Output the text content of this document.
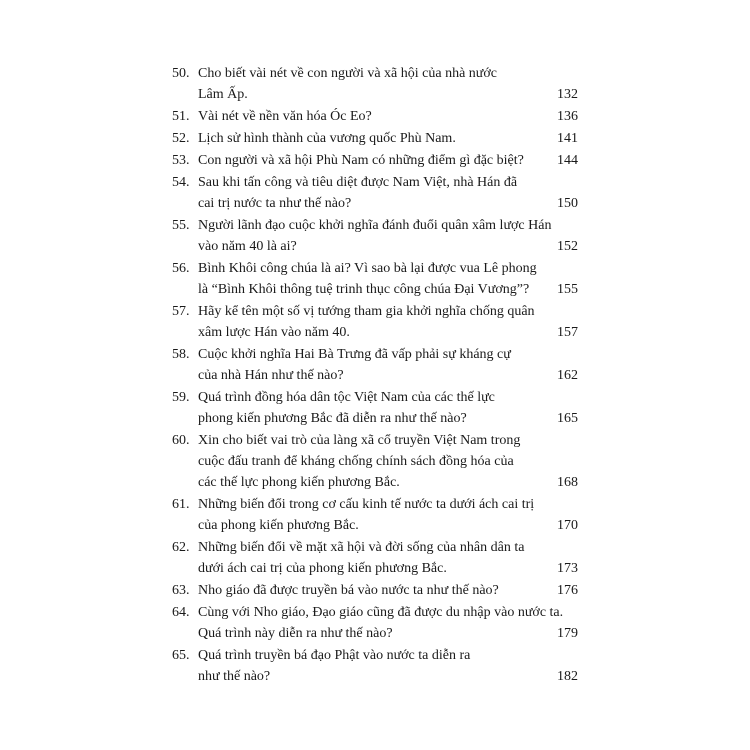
50. Cho biết vài nét về con người và xã hội của nhà nước
Lâm Ấp.	132
51. Vài nét về nền văn hóa Óc Eo?	136
52. Lịch sử hình thành của vương quốc Phù Nam.	141
53. Con người và xã hội Phù Nam có những điểm gì đặc biệt?	144
54. Sau khi tấn công và tiêu diệt được Nam Việt, nhà Hán đã
cai trị nước ta như thế nào?	150
55. Người lãnh đạo cuộc khởi nghĩa đánh đuổi quân xâm lược Hán
vào năm 40 là ai?	152
56. Bình Khôi công chúa là ai? Vì sao bà lại được vua Lê phong
là “Bình Khôi thông tuệ trinh thục công chúa Đại Vương”?	155
57. Hãy kể tên một số vị tướng tham gia khởi nghĩa chống quân
xâm lược Hán vào năm 40.	157
58. Cuộc khởi nghĩa Hai Bà Trưng đã vấp phải sự kháng cự
của nhà Hán như thế nào?	162
59. Quá trình đồng hóa dân tộc Việt Nam của các thế lực
phong kiến phương Bắc đã diễn ra như thế nào?	165
60. Xin cho biết vai trò của làng xã cổ truyền Việt Nam trong
cuộc đấu tranh để kháng chống chính sách đồng hóa của
các thế lực phong kiến phương Bắc.	168
61. Những biến đổi trong cơ cấu kinh tế nước ta dưới ách cai trị
của phong kiến phương Bắc.	170
62. Những biến đổi về mặt xã hội và đời sống của nhân dân ta
dưới ách cai trị của phong kiến phương Bắc.	173
63. Nho giáo đã được truyền bá vào nước ta như thế nào?	176
64. Cùng với Nho giáo, Đạo giáo cũng đã được du nhập vào nước ta.
Quá trình này diễn ra như thế nào?	179
65. Quá trình truyền bá đạo Phật vào nước ta diễn ra
như thế nào?	182
